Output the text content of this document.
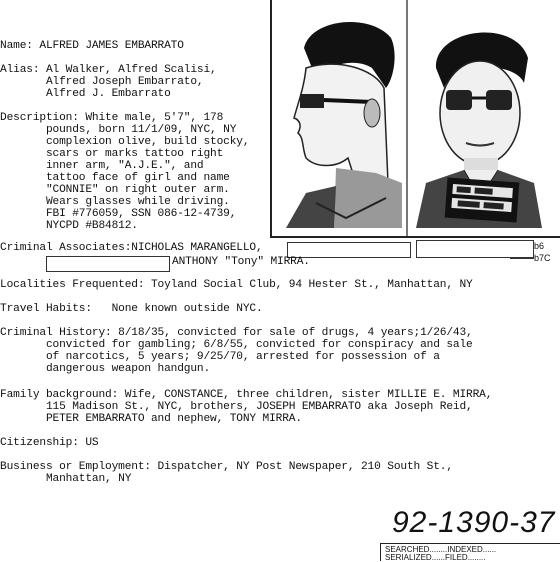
Name: ALFRED JAMES EMBARRATO
Alias: Al Walker, Alfred Scalisi,
Alfred Joseph Embarrato,
Alfred J. Embarrato
Description: White male, 5'7", 178
pounds, born 11/1/09, NYC, NY
complexion olive, build stocky,
scars or marks tattoo right
inner arm, "A.J.E.", and
tattoo face of girl and name
"CONNIE" on right outer arm.
Wears glasses while driving.
FBI #776059, SSN 086-12-4739,
NYCPD #B84812.
Criminal Associates:NICHOLAS MARANGELLO,	b6
b7C
ANTHONY "Tony" MIRRA.
Localities Frequented: Toyland Social Club, 94 Hester St., Manhattan, NY
Travel Habits:   None known outside NYC.
Criminal History: 8/18/35, convicted for sale of drugs, 4 years;1/26/43,
convicted for gambling; 6/8/55, convicted for conspiracy and sale
of narcotics, 5 years; 9/25/70, arrested for possession of a
dangerous weapon handgun.
Family background: Wife, CONSTANCE, three children, sister MILLIE E. MIRRA,
115 Madison St., NYC, brothers, JOSEPH EMBARRATO aka Joseph Reid,
PETER EMBARRATO and nephew, TONY MIRRA.
Citizenship: US
Business or Employment: Dispatcher, NY Post Newspaper, 210 South St.,
Manhattan, NY
92-1390-37
SEARCHED........INDEXED......
SERIALIZED......FILED........
